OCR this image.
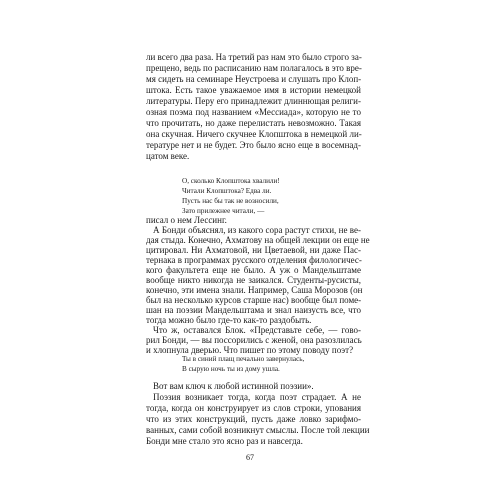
ли всего два раза. На третий раз нам это было строго за-
прещено, ведь по расписанию нам полагалось в это вре-
мя сидеть на семинаре Неустроева и слушать про Клоп-
штока. Есть такое уважаемое имя в истории немецкой
литературы. Перу его принадлежит длиннющая религи-
озная поэма под названием «Мессиада», которую не то
что прочитать, но даже перелистать невозможно. Такая
она скучная. Ничего скучнее Клопштока в немецкой ли-
тературе нет и не будет. Это было ясно еще в восемнад-
цатом веке.
О, сколько Клопштока хвалили!
Читали Клопштока? Едва ли.
Пусть нас бы так не возносили,
Зато прилежнее читали, —
писал о нем Лессинг.
А Бонди объяснял, из какого сора растут стихи, не ве-
дая стыда. Конечно, Ахматову на общей лекции он еще не
цитировал. Ни Ахматовой, ни Цветаевой, ни даже Пас-
тернака в программах русского отделения филологичес-
кого факультета еще не было. А уж о Мандельштаме
вообще никто никогда не заикался. Студенты-русисты,
конечно, эти имена знали. Например, Саша Морозов (он
был на несколько курсов старше нас) вообще был поме-
шан на поэзии Мандельштама и знал наизусть все, что
тогда можно было где-то как-то раздобыть.
Что ж, оставался Блок. «Представьте себе, — гово-
рил Бонди, — вы поссорились с женой, она разозлилась
и хлопнула дверью. Что пишет по этому поводу поэт?
Ты в синий плащ печально завернулась,
В сырую ночь ты из дому ушла.
Вот вам ключ к любой истинной поэзии».
Поэзия возникает тогда, когда поэт страдает. А не
тогда, когда он конструирует из слов строки, упования
что из этих конструкций, пусть даже ловко зарифмо-
ванных, сами собой возникнут смыслы. После той лекции
Бонди мне стало это ясно раз и навсегда.
67
